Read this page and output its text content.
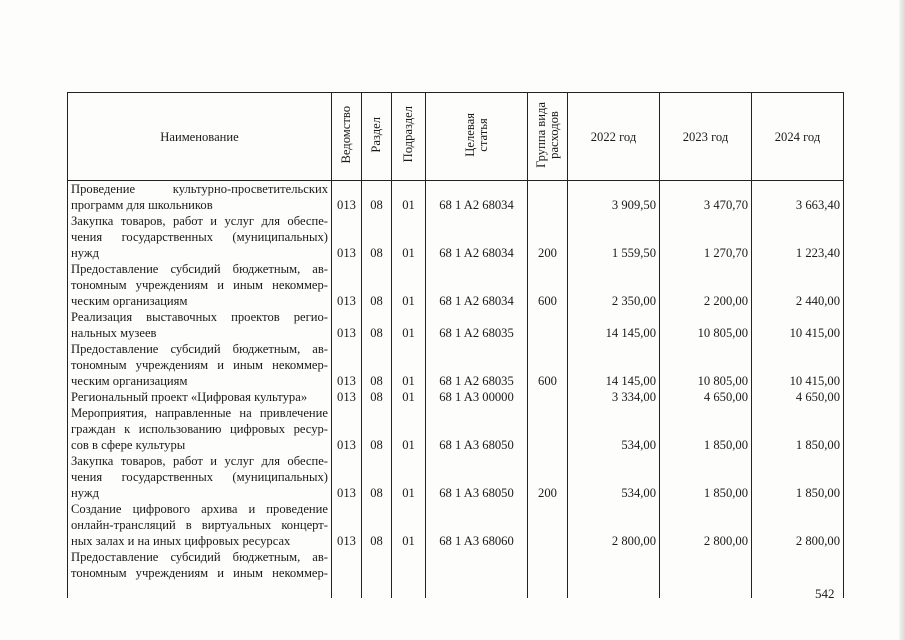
Наименование	Ведомство	Раздел	Подраздел	Целевая
статья	Группа вида
расходов	2022 год	2023 год	2024 год

Проведение культурно-просветительских
программ для школьников	013	08	01	68 1 A2 68034		3 909,50	3 470,70	3 663,40

Закупка товаров, работ и услуг для обеспе-
чения государственных (муниципальных)
нужд	013	08	01	68 1 A2 68034	200	1 559,50	1 270,70	1 223,40

Предоставление субсидий бюджетным, ав-
тономным учреждениям и иным некоммер-
ческим организациям	013	08	01	68 1 A2 68034	600	2 350,00	2 200,00	2 440,00

Реализация выставочных проектов регио-
нальных музеев	013	08	01	68 1 A2 68035		14 145,00	10 805,00	10 415,00

Предоставление субсидий бюджетным, ав-
тономным учреждениям и иным некоммер-
ческим организациям	013	08	01	68 1 A2 68035	600	14 145,00	10 805,00	10 415,00

Региональный проект «Цифровая культура»	013	08	01	68 1 A3 00000		3 334,00	4 650,00	4 650,00

Мероприятия, направленные на привлечение
граждан к использованию цифровых ресур-
сов в сфере культуры	013	08	01	68 1 A3 68050		534,00	1 850,00	1 850,00

Закупка товаров, работ и услуг для обеспе-
чения государственных (муниципальных)
нужд	013	08	01	68 1 A3 68050	200	534,00	1 850,00	1 850,00

Создание цифрового архива и проведение
онлайн-трансляций в виртуальных концерт-
ных залах и на иных цифровых ресурсах	013	08	01	68 1 A3 68060		2 800,00	2 800,00	2 800,00

Предоставление субсидий бюджетным, ав-
тономным учреждениям и иным некоммер-								

542
